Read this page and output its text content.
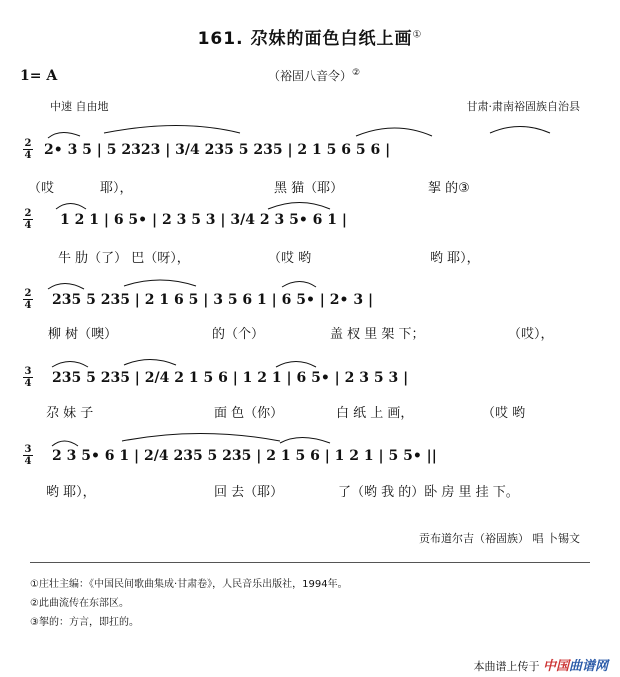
161. 尕妹的面色白纸上画①
1= A	（裕固八音令）②
中速 自由地	甘肃·肃南裕固族自治县
2
4 2• 3 5 | 5 2323 | 3/4 235 5 235 | 2 1 5 6 5 6 |
（哎	耶），	黑 猫（耶）	挐 的③
2
4 1 2 1 | 6 5• | 2 3 5 3 | 3/4 2 3 5• 6 1 |
牛 肋（了） 巴（呀），	（哎 哟	哟 耶），
2
4 235 5 235 | 2 1 6 5 | 3 5 6 1 | 6 5• | 2• 3 |
柳 树（噢）	的（个）	盖 杈 里 架 下；	（哎），
3
4 235 5 235 | 2/4 2 1 5 6 | 1 2 1 | 6 5• | 2 3 5 3 |
尕 妹 子	面 色（你）	白 纸 上 画，	（哎 哟
3
4 2 3 5• 6 1 | 2/4 235 5 235 | 2 1 5 6 | 1 2 1 | 5 5• ||
哟 耶），	回 去（耶）	了（哟 我 的）卧 房 里 挂 下。
贡布道尔吉（裕固族） 唱 卜锡文
①庄壮主编：《中国民间歌曲集成·甘肃卷》，人民音乐出版社，1994年。
②此曲流传在东部区。
③挐的：方言，即扛的。
本曲谱上传于 中国曲谱网
